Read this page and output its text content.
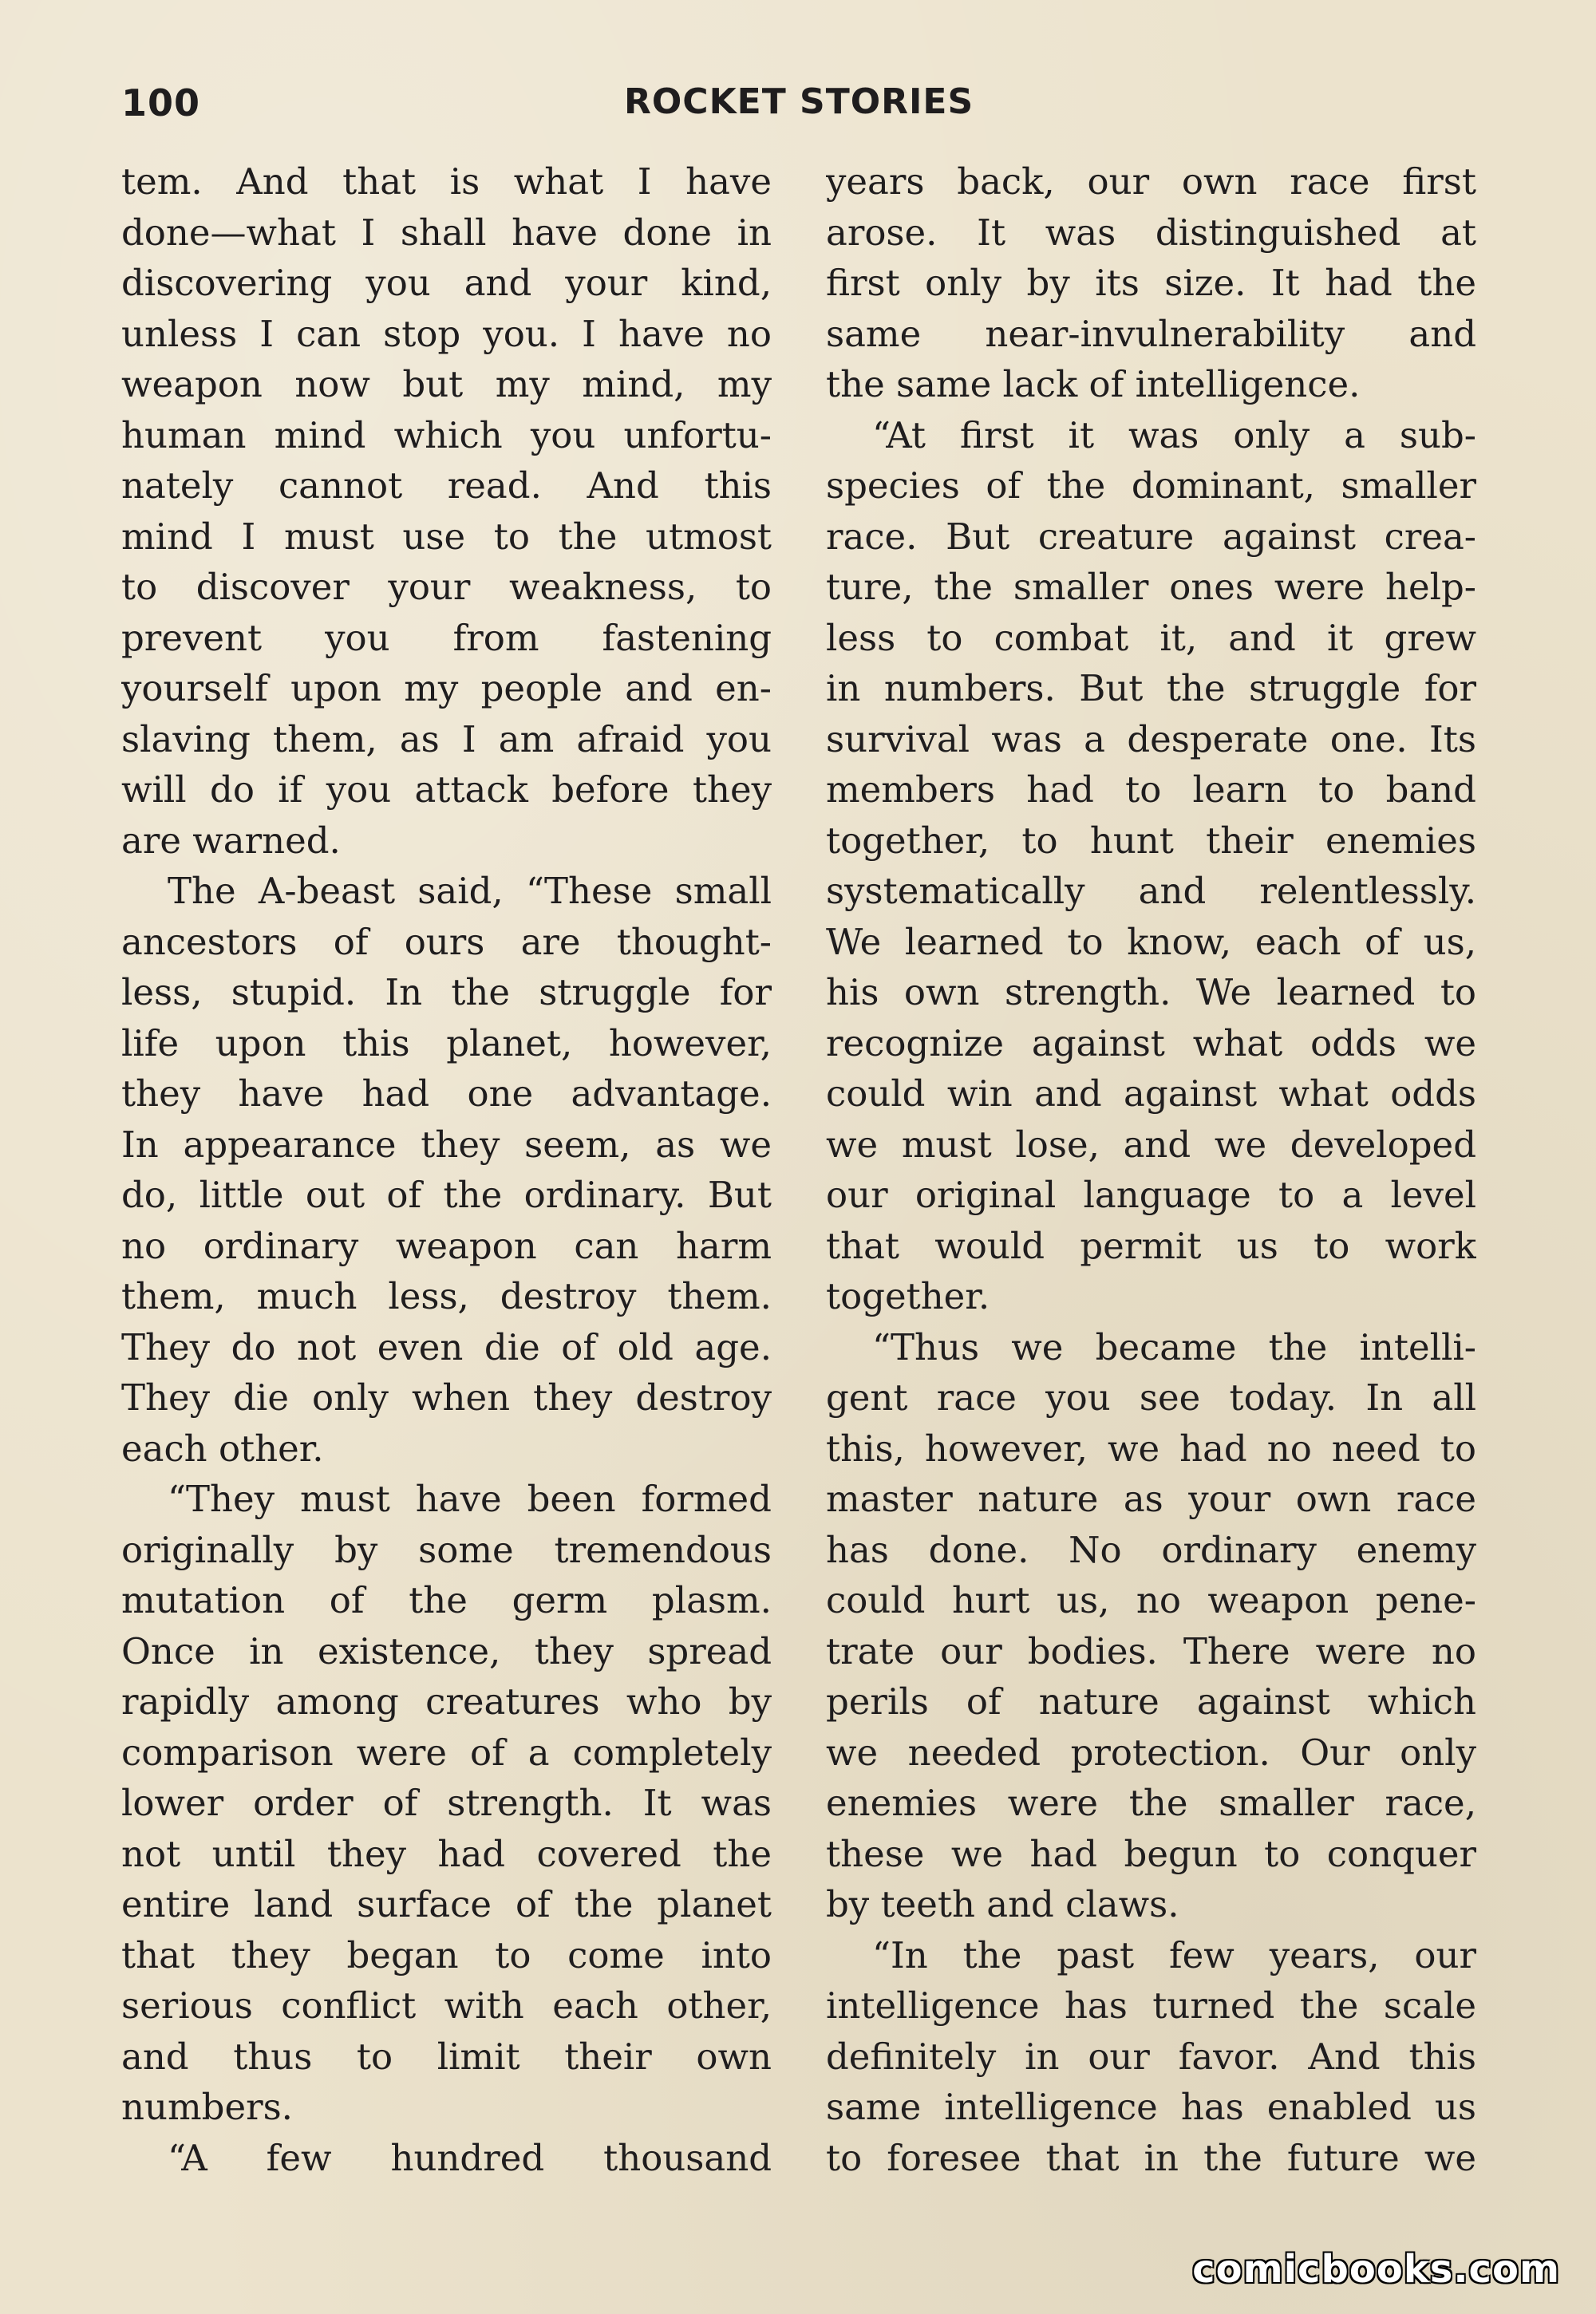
100	ROCKET STORIES
tem. And that is what I have
done—what I shall have done in
discovering you and your kind,
unless I can stop you. I have no
weapon now but my mind, my
human mind which you unfortu-
nately cannot read. And this
mind I must use to the utmost
to discover your weakness, to
prevent you from fastening
yourself upon my people and en-
slaving them, as I am afraid you
will do if you attack before they
are warned.
The A-beast said, “These small
ancestors of ours are thought-
less, stupid. In the struggle for
life upon this planet, however,
they have had one advantage.
In appearance they seem, as we
do, little out of the ordinary. But
no ordinary weapon can harm
them, much less, destroy them.
They do not even die of old age.
They die only when they destroy
each other.
“They must have been formed
originally by some tremendous
mutation of the germ plasm.
Once in existence, they spread
rapidly among creatures who by
comparison were of a completely
lower order of strength. It was
not until they had covered the
entire land surface of the planet
that they began to come into
serious conflict with each other,
and thus to limit their own
numbers.
“A few hundred thousand
years back, our own race first
arose. It was distinguished at
first only by its size. It had the
same near-invulnerability and
the same lack of intelligence.
“At first it was only a sub-
species of the dominant, smaller
race. But creature against crea-
ture, the smaller ones were help-
less to combat it, and it grew
in numbers. But the struggle for
survival was a desperate one. Its
members had to learn to band
together, to hunt their enemies
systematically and relentlessly.
We learned to know, each of us,
his own strength. We learned to
recognize against what odds we
could win and against what odds
we must lose, and we developed
our original language to a level
that would permit us to work
together.
“Thus we became the intelli-
gent race you see today. In all
this, however, we had no need to
master nature as your own race
has done. No ordinary enemy
could hurt us, no weapon pene-
trate our bodies. There were no
perils of nature against which
we needed protection. Our only
enemies were the smaller race,
these we had begun to conquer
by teeth and claws.
“In the past few years, our
intelligence has turned the scale
definitely in our favor. And this
same intelligence has enabled us
to foresee that in the future we
comicbooks.com
